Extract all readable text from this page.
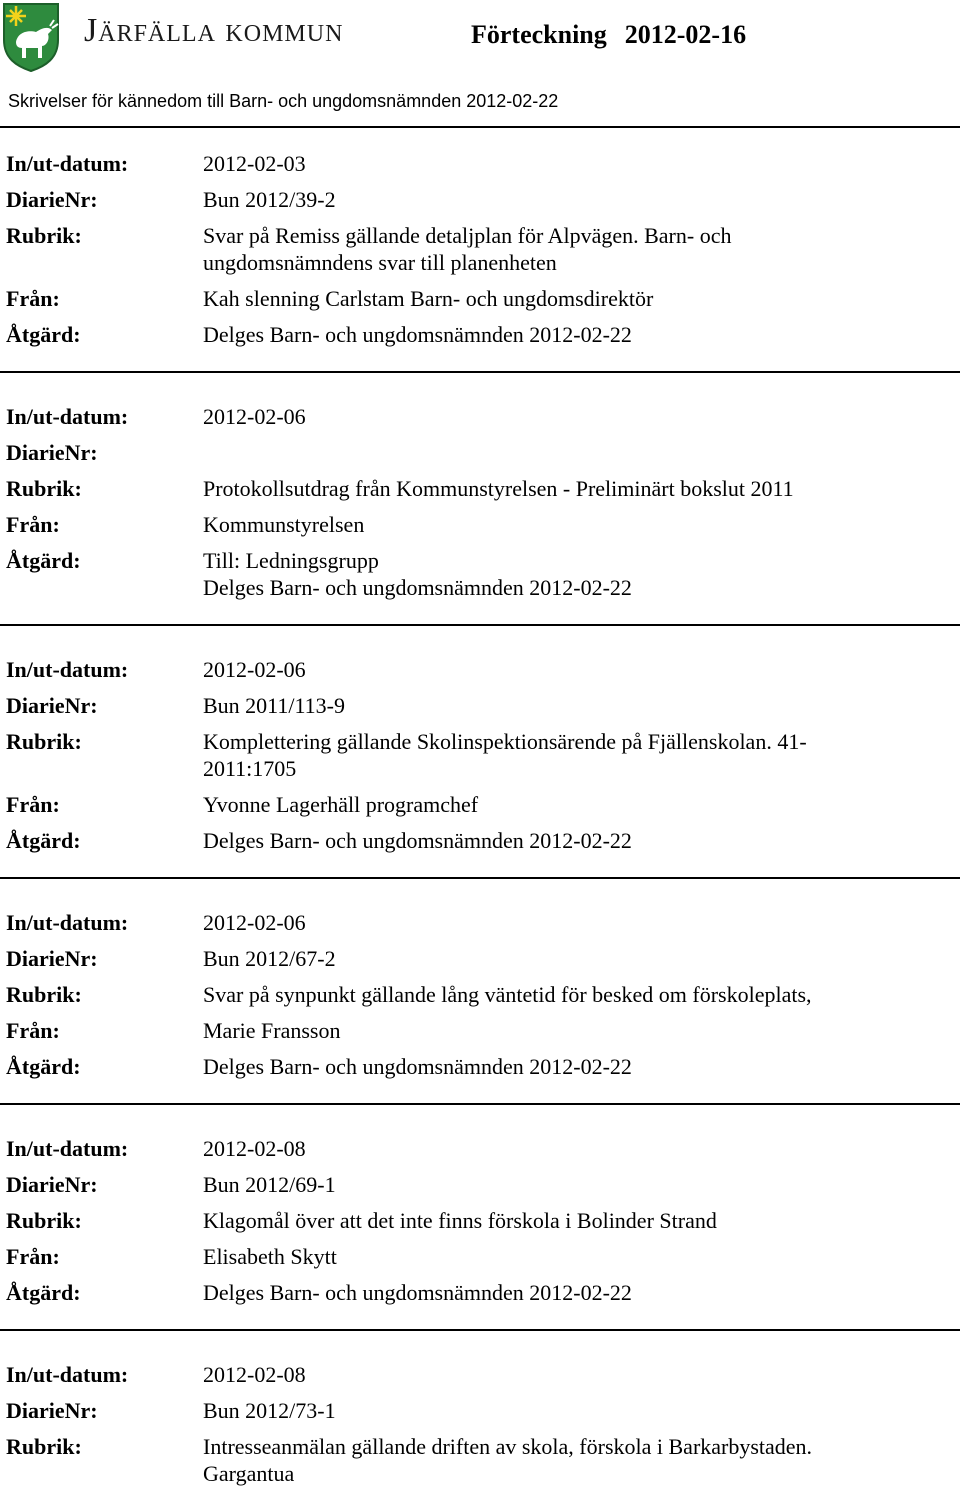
Järfälla kommun	Förteckning 2012-02-16
Skrivelser för kännedom till Barn- och ungdomsnämnden 2012-02-22
In/ut-datum:	2012-02-03
DiarieNr:	Bun 2012/39-2
Rubrik:	Svar på Remiss gällande detaljplan för Alpvägen. Barn- och
ungdomsnämndens svar till planenheten
Från:	Kah slenning Carlstam Barn- och ungdomsdirektör
Åtgärd:	Delges Barn- och ungdomsnämnden 2012-02-22
In/ut-datum:	2012-02-06
DiarieNr:
Rubrik:	Protokollsutdrag från Kommunstyrelsen - Preliminärt bokslut 2011
Från:	Kommunstyrelsen
Åtgärd:	Till: Ledningsgrupp
Delges Barn- och ungdomsnämnden 2012-02-22
In/ut-datum:	2012-02-06
DiarieNr:	Bun 2011/113-9
Rubrik:	Komplettering gällande Skolinspektionsärende på Fjällenskolan. 41-
2011:1705
Från:	Yvonne Lagerhäll programchef
Åtgärd:	Delges Barn- och ungdomsnämnden 2012-02-22
In/ut-datum:	2012-02-06
DiarieNr:	Bun 2012/67-2
Rubrik:	Svar på synpunkt gällande lång väntetid för besked om förskoleplats,
Från:	Marie Fransson
Åtgärd:	Delges Barn- och ungdomsnämnden 2012-02-22
In/ut-datum:	2012-02-08
DiarieNr:	Bun 2012/69-1
Rubrik:	Klagomål över att det inte finns förskola i Bolinder Strand
Från:	Elisabeth Skytt
Åtgärd:	Delges Barn- och ungdomsnämnden 2012-02-22
In/ut-datum:	2012-02-08
DiarieNr:	Bun 2012/73-1
Rubrik:	Intresseanmälan gällande driften av skola, förskola i Barkarbystaden.
Gargantua
